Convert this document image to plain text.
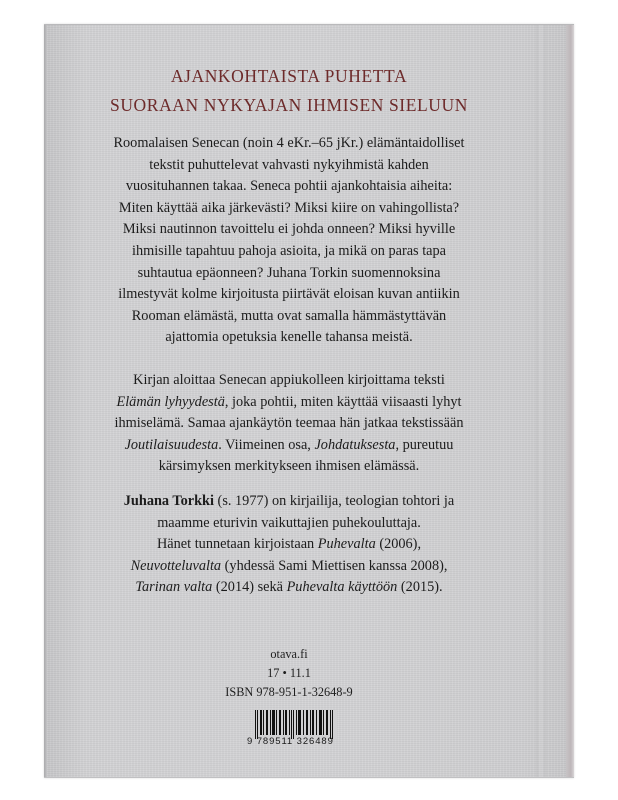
AJANKOHTAISTA PUHETTA
SUORAAN NYKYAJAN IHMISEN SIELUUN
Roomalaisen Senecan (noin 4 eKr.–65 jKr.) elämäntaidolliset
tekstit puhuttelevat vahvasti nykyihmistä kahden
vuosituhannen takaa. Seneca pohtii ajankohtaisia aiheita:
Miten käyttää aika järkevästi? Miksi kiire on vahingollista?
Miksi nautinnon tavoittelu ei johda onneen? Miksi hyville
ihmisille tapahtuu pahoja asioita, ja mikä on paras tapa
suhtautua epäonneen? Juhana Torkin suomennoksina
ilmestyvät kolme kirjoitusta piirtävät eloisan kuvan antiikin
Rooman elämästä, mutta ovat samalla hämmästyttävän
ajattomia opetuksia kenelle tahansa meistä.
Kirjan aloittaa Senecan appiukolleen kirjoittama teksti
Elämän lyhyydestä, joka pohtii, miten käyttää viisaasti lyhyt
ihmiselämä. Samaa ajankäytön teemaa hän jatkaa tekstissään
Joutilaisuudesta. Viimeinen osa, Johdatuksesta, pureutuu
kärsimyksen merkitykseen ihmisen elämässä.
Juhana Torkki (s. 1977) on kirjailija, teologian tohtori ja
maamme eturivin vaikuttajien puhekouluttaja.
Hänet tunnetaan kirjoistaan Puhevalta (2006),
Neuvotteluvalta (yhdessä Sami Miettisen kanssa 2008),
Tarinan valta (2014) sekä Puhevalta käyttöön (2015).
otava.fi
17 • 11.1
ISBN 978-951-1-32648-9
9 789511 326489
